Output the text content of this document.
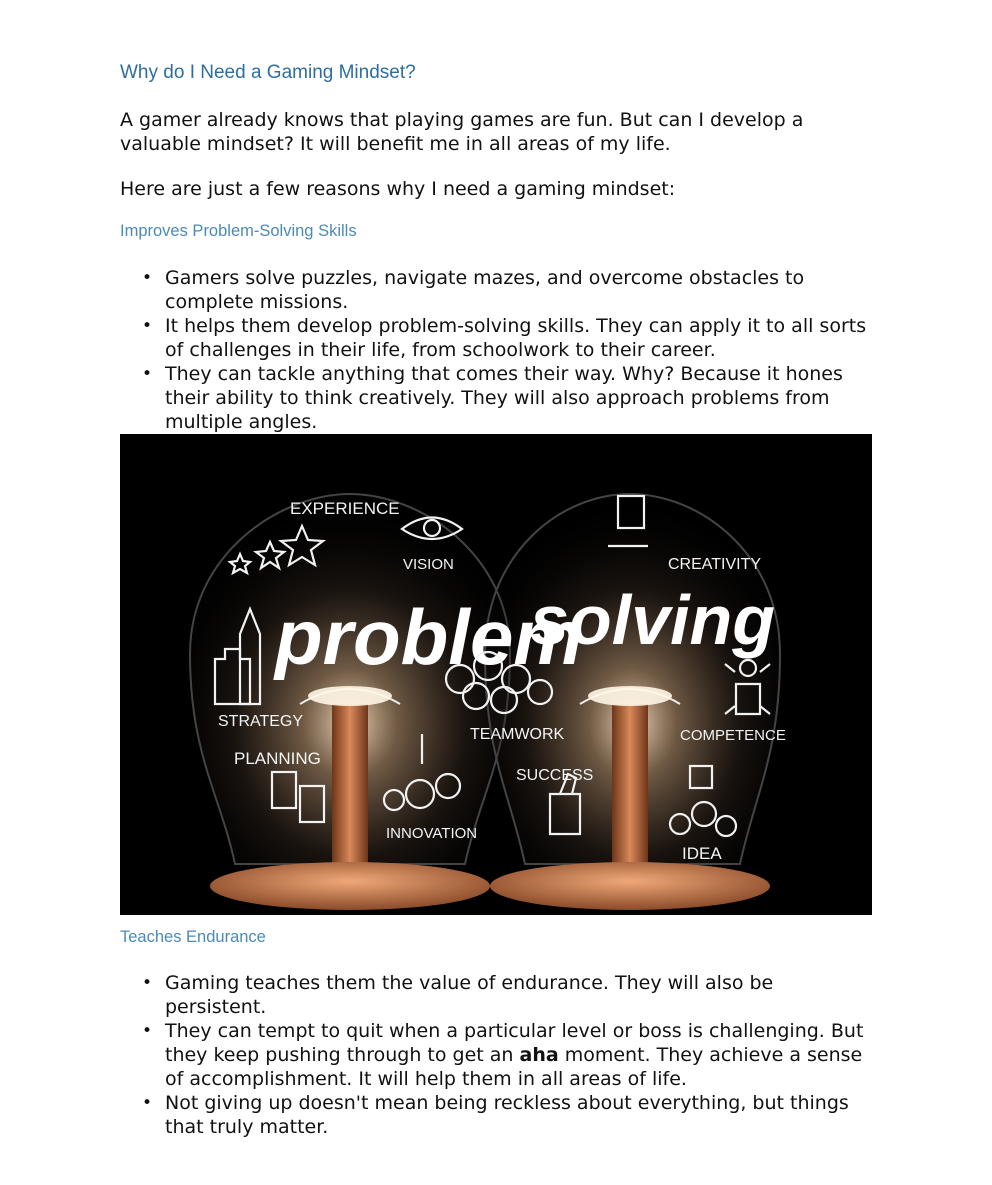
Why do I Need a Gaming Mindset?
A gamer already knows that playing games are fun. But can I develop a valuable mindset? It will benefit me in all areas of my life.
Here are just a few reasons why I need a gaming mindset:
Improves Problem-Solving Skills
• Gamers solve puzzles, navigate mazes, and overcome obstacles to complete missions.
• It helps them develop problem-solving skills. They can apply it to all sorts of challenges in their life, from schoolwork to their career.
• They can tackle anything that comes their way. Why? Because it hones their ability to think creatively. They will also approach problems from multiple angles.
problem
solving
EXPERIENCE
VISION
STRATEGY
PLANNING
INNOVATION
TEAMWORK
CREATIVITY
COMPETENCE
SUCCESS
IDEA
Teaches Endurance
• Gaming teaches them the value of endurance. They will also be persistent.
• They can tempt to quit when a particular level or boss is challenging. But they keep pushing through to get an aha moment. They achieve a sense of accomplishment. It will help them in all areas of life.
• Not giving up doesn't mean being reckless about everything, but things that truly matter.
